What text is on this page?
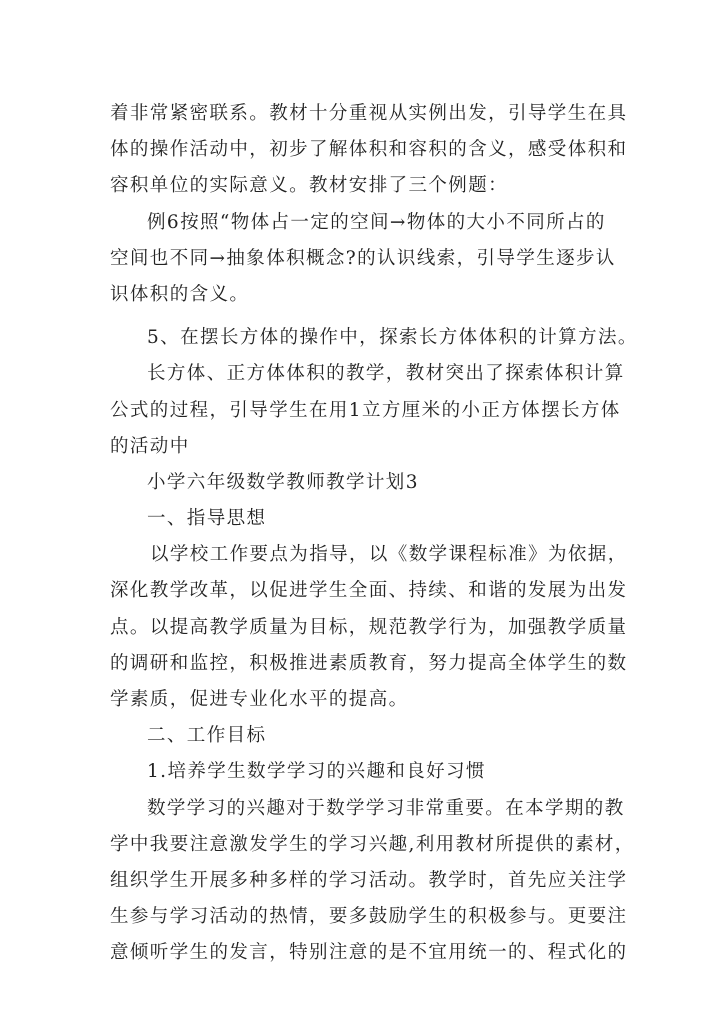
着非常紧密联系。教材十分重视从实例出发，引导学生在具
体的操作活动中，初步了解体积和容积的含义，感受体积和
容积单位的实际意义。教材安排了三个例题：
例6按照“物体占一定的空间→物体的大小不同所占的
空间也不同→抽象体积概念?的认识线索，引导学生逐步认
识体积的含义。
5、在摆长方体的操作中，探索长方体体积的计算方法。
长方体、正方体体积的教学，教材突出了探索体积计算
公式的过程，引导学生在用1立方厘米的小正方体摆长方体
的活动中
小学六年级数学教师教学计划3
一、指导思想
以学校工作要点为指导，以《数学课程标准》为依据，
深化教学改革，以促进学生全面、持续、和谐的发展为出发
点。以提高教学质量为目标，规范教学行为，加强教学质量
的调研和监控，积极推进素质教育，努力提高全体学生的数
学素质，促进专业化水平的提高。
二、工作目标
1.培养学生数学学习的兴趣和良好习惯
数学学习的兴趣对于数学学习非常重要。在本学期的教
学中我要注意激发学生的学习兴趣,利用教材所提供的素材，
组织学生开展多种多样的学习活动。教学时，首先应关注学
生参与学习活动的热情，要多鼓励学生的积极参与。更要注
意倾听学生的发言，特别注意的是不宜用统一的、程式化的
